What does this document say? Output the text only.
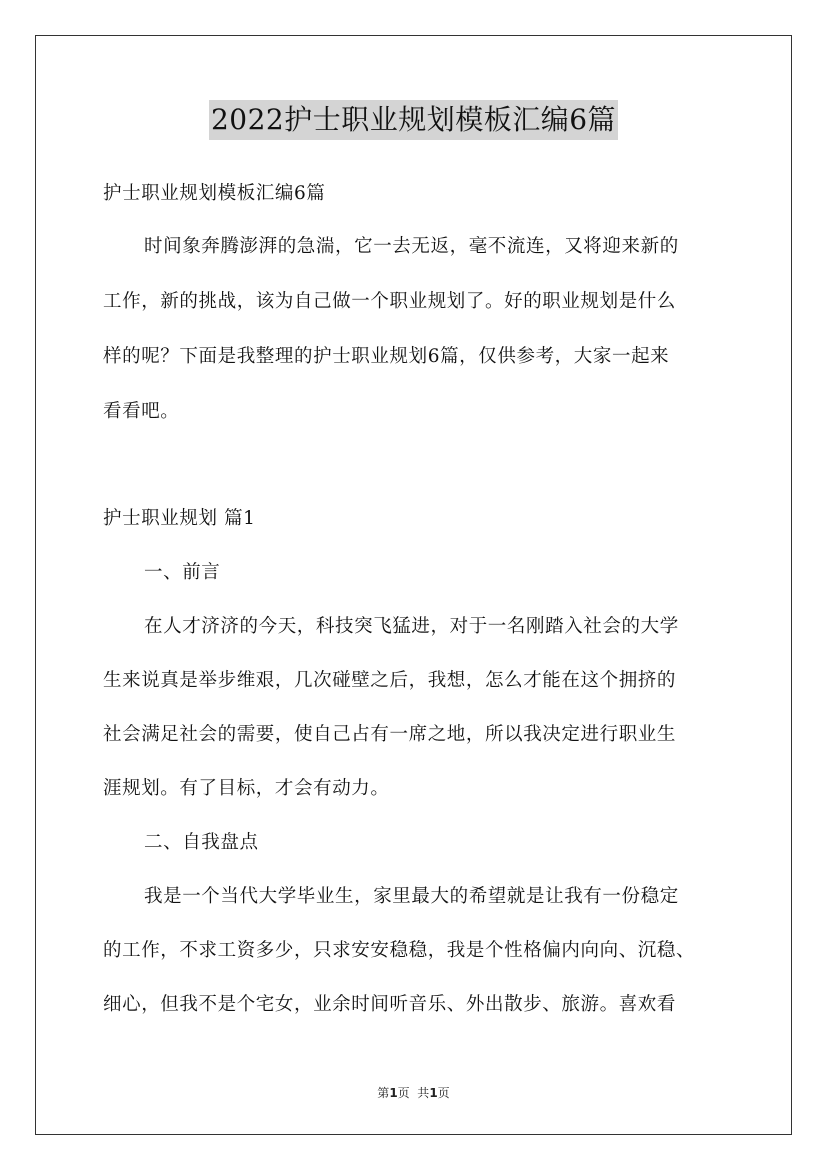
2022护士职业规划模板汇编6篇
护士职业规划模板汇编6篇
时间象奔腾澎湃的急湍，它一去无返，毫不流连，又将迎来新的
工作，新的挑战，该为自己做一个职业规划了。好的职业规划是什么
样的呢？下面是我整理的护士职业规划6篇，仅供参考，大家一起来
看看吧。
护士职业规划 篇1
一、前言
在人才济济的今天，科技突飞猛进，对于一名刚踏入社会的大学
生来说真是举步维艰，几次碰壁之后，我想，怎么才能在这个拥挤的
社会满足社会的需要，使自己占有一席之地，所以我决定进行职业生
涯规划。有了目标，才会有动力。
二、自我盘点
我是一个当代大学毕业生，家里最大的希望就是让我有一份稳定
的工作，不求工资多少，只求安安稳稳，我是个性格偏内向向、沉稳、
细心，但我不是个宅女，业余时间听音乐、外出散步、旅游。喜欢看
第1页  共1页
